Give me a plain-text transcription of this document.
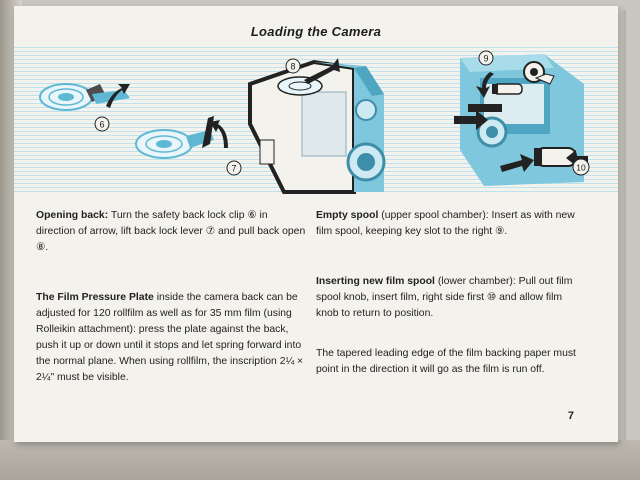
Loading the Camera
6
7
8
9
10

Opening back: Turn the safety back lock clip ⑥ in direction of arrow, lift back lock lever ⑦ and pull back open ⑧.

The Film Pressure Plate inside the camera back can be adjusted for 120 rollfilm as well as for 35 mm film (using Rolleikin attachment): press the plate against the back, push it up or down until it stops and let spring forward into the normal plane. When using rollfilm, the inscription 2¼ × 2¼" must be visible.

Empty spool (upper spool chamber): Insert as with new film spool, keeping key slot to the right ⑨.

Inserting new film spool (lower chamber): Pull out film spool knob, insert film, right side first ⑩ and allow film knob to return to position.

The tapered leading edge of the film backing paper must point in the direction it will go as the film is run off.

7
